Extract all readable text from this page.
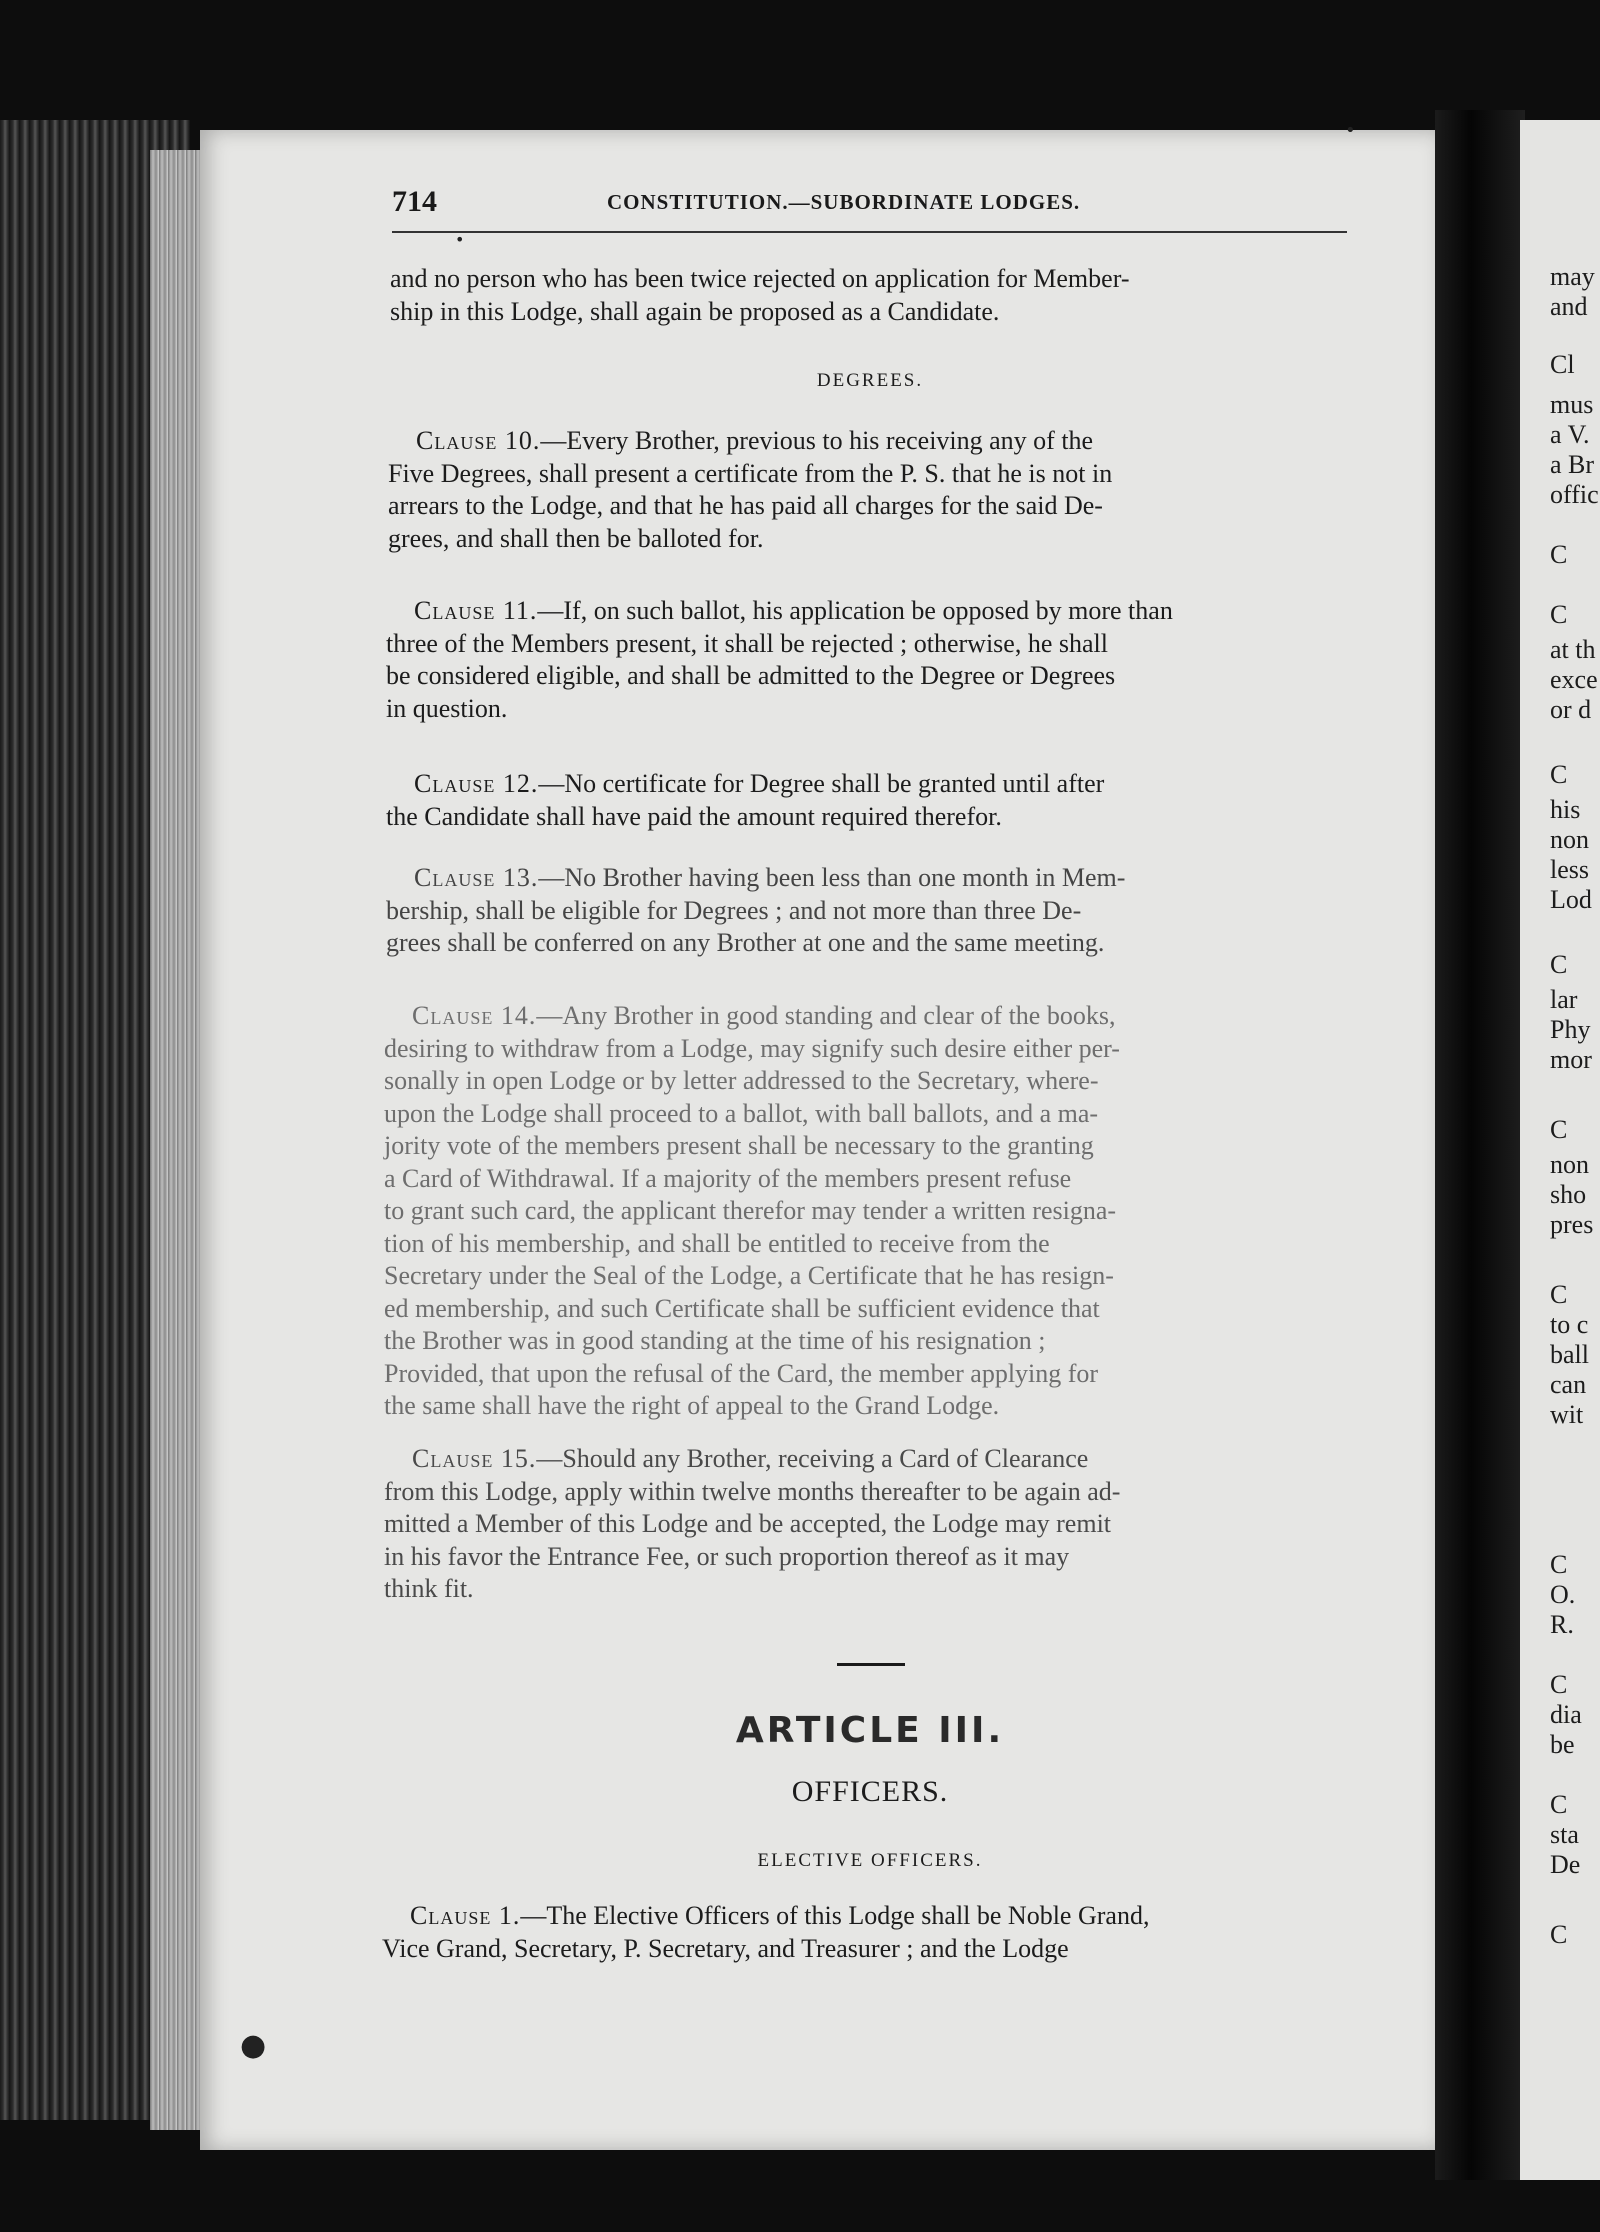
may
and
Cl
mus
a V.
a Br
offic
C
C
at th
exce
or d
C
his
non
less
Lod
C
lar
Phy
mor
C
non
sho
pres
C
to c
ball
can
wit
C
O.
R.
C
dia
be
C
sta
De
C
714	CONSTITUTION.—SUBORDINATE LODGES.
and no person who has been twice rejected on application for Member-
ship in this Lodge, shall again be proposed as a Candidate.
DEGREES.
Clause 10.—Every Brother, previous to his receiving any of the
Five Degrees, shall present a certificate from the P. S. that he is not in
arrears to the Lodge, and that he has paid all charges for the said De-
grees, and shall then be balloted for.
Clause 11.—If, on such ballot, his application be opposed by more than
three of the Members present, it shall be rejected ; otherwise, he shall
be considered eligible, and shall be admitted to the Degree or Degrees
in question.
Clause 12.—No certificate for Degree shall be granted until after
the Candidate shall have paid the amount required therefor.
Clause 13.—No Brother having been less than one month in Mem-
bership, shall be eligible for Degrees ; and not more than three De-
grees shall be conferred on any Brother at one and the same meeting.
Clause 14.—Any Brother in good standing and clear of the books,
desiring to withdraw from a Lodge, may signify such desire either per-
sonally in open Lodge or by letter addressed to the Secretary, where-
upon the Lodge shall proceed to a ballot, with ball ballots, and a ma-
jority vote of the members present shall be necessary to the granting
a Card of Withdrawal. If a majority of the members present refuse
to grant such card, the applicant therefor may tender a written resigna-
tion of his membership, and shall be entitled to receive from the
Secretary under the Seal of the Lodge, a Certificate that he has resign-
ed membership, and such Certificate shall be sufficient evidence that
the Brother was in good standing at the time of his resignation ;
Provided, that upon the refusal of the Card, the member applying for
the same shall have the right of appeal to the Grand Lodge.
Clause 15.—Should any Brother, receiving a Card of Clearance
from this Lodge, apply within twelve months thereafter to be again ad-
mitted a Member of this Lodge and be accepted, the Lodge may remit
in his favor the Entrance Fee, or such proportion thereof as it may
think fit.
ARTICLE III.
OFFICERS.
ELECTIVE OFFICERS.
Clause 1.—The Elective Officers of this Lodge shall be Noble Grand,
Vice Grand, Secretary, P. Secretary, and Treasurer ; and the Lodge
•
•
●
